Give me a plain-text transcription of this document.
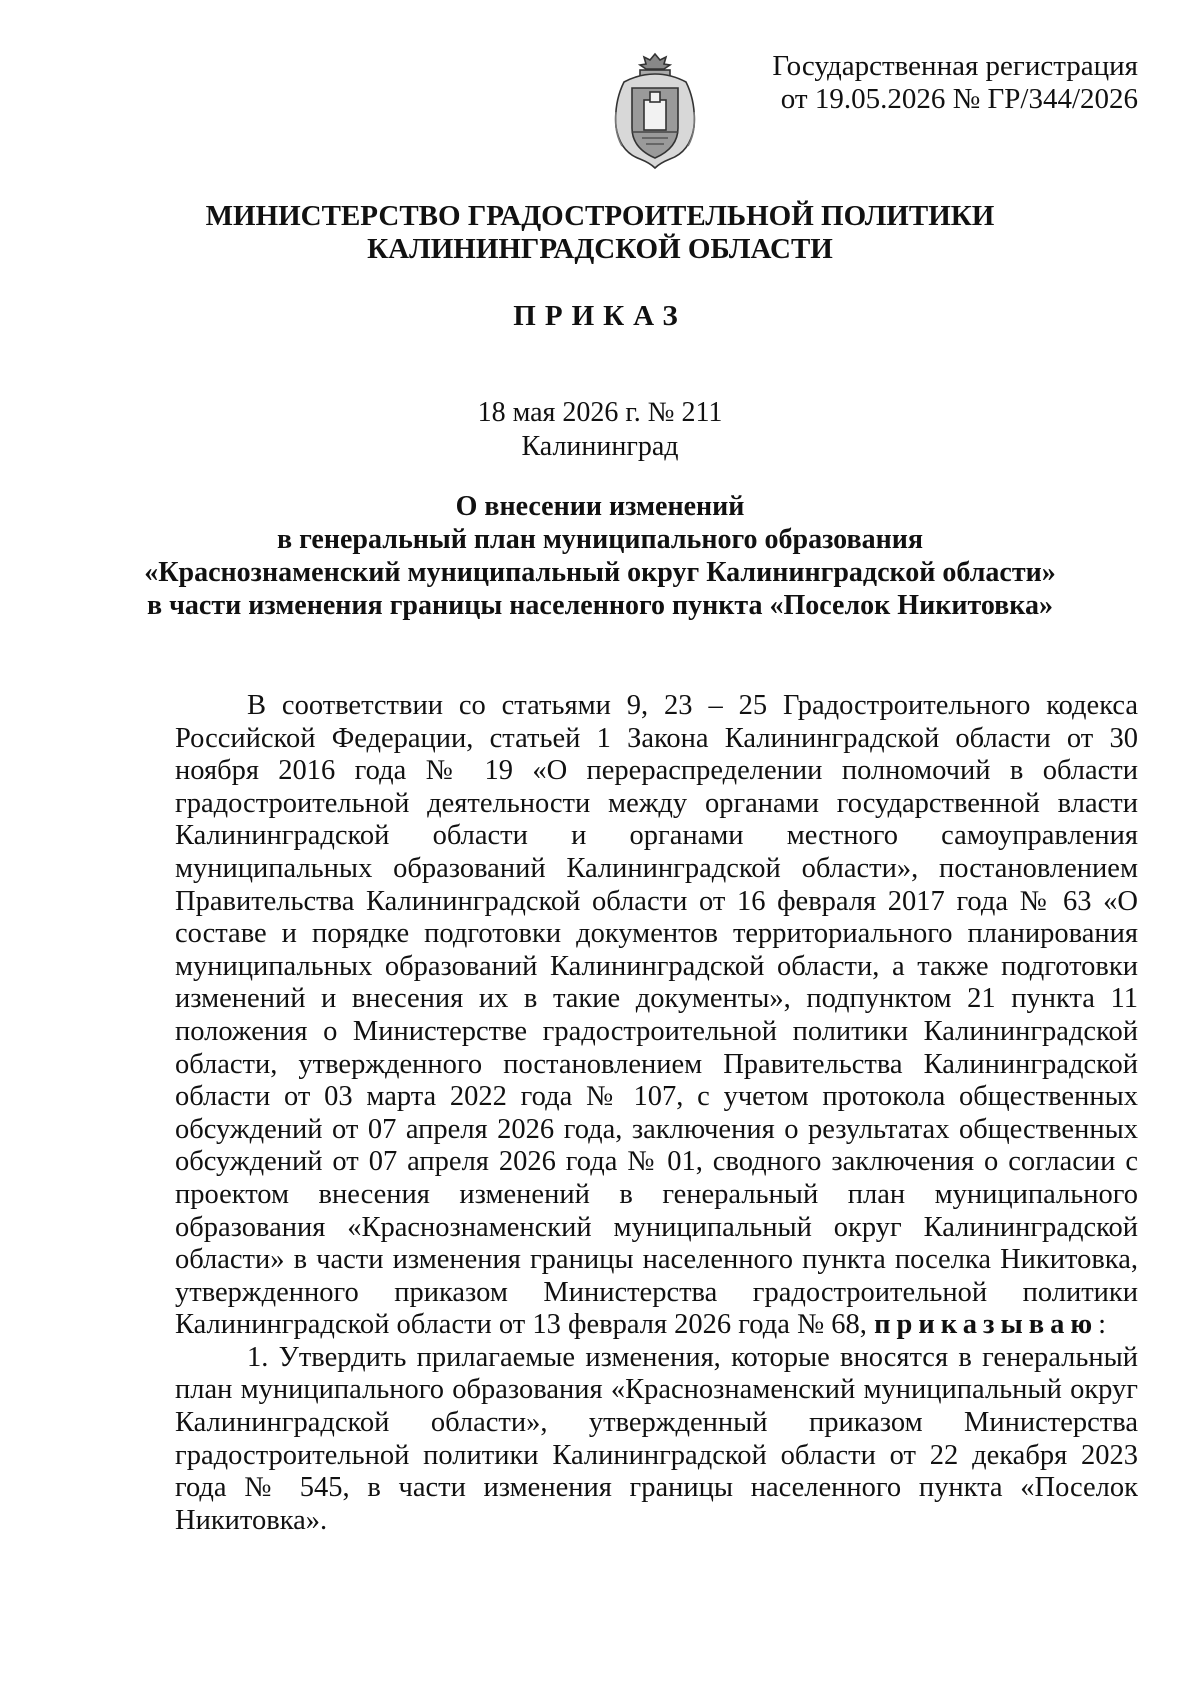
Государственная регистрация
от 19.05.2026 № ГР/344/2026
МИНИСТЕРСТВО ГРАДОСТРОИТЕЛЬНОЙ ПОЛИТИКИ
КАЛИНИНГРАДСКОЙ ОБЛАСТИ
ПРИКАЗ
18 мая 2026 г. № 211
Калининград
О внесении изменений
в генеральный план муниципального образования
«Краснознаменский муниципальный округ Калининградской области»
в части изменения границы населенного пункта «Поселок Никитовка»

В соответствии со статьями 9, 23 – 25 Градостроительного кодекса Российской Федерации, статьей 1 Закона Калининградской области от 30 ноября 2016 года № 19 «О перераспределении полномочий в области градостроительной деятельности между органами государственной власти Калининградской области и органами местного самоуправления муниципальных образований Калининградской области», постановлением Правительства Калининградской области от 16 февраля 2017 года № 63 «О составе и порядке подготовки документов территориального планирования муниципальных образований Калининградской области, а также подготовки изменений и внесения их в такие документы», подпунктом 21 пункта 11 положения о Министерстве градостроительной политики Калининградской области, утвержденного постановлением Правительства Калининградской области от 03 марта 2022 года № 107, с учетом протокола общественных обсуждений от 07 апреля 2026 года, заключения о результатах общественных обсуждений от 07 апреля 2026 года № 01, сводного заключения о согласии с проектом внесения изменений в генеральный план муниципального образования «Краснознаменский муниципальный округ Калининградской области» в части изменения границы населенного пункта поселка Никитовка, утвержденного приказом Министерства градостроительной политики Калининградской области от 13 февраля 2026 года № 68, приказываю:

1. Утвердить прилагаемые изменения, которые вносятся в генеральный план муниципального образования «Краснознаменский муниципальный округ Калининградской области», утвержденный приказом Министерства градостроительной политики Калининградской области от 22 декабря 2023 года № 545, в части изменения границы населенного пункта «Поселок Никитовка».
